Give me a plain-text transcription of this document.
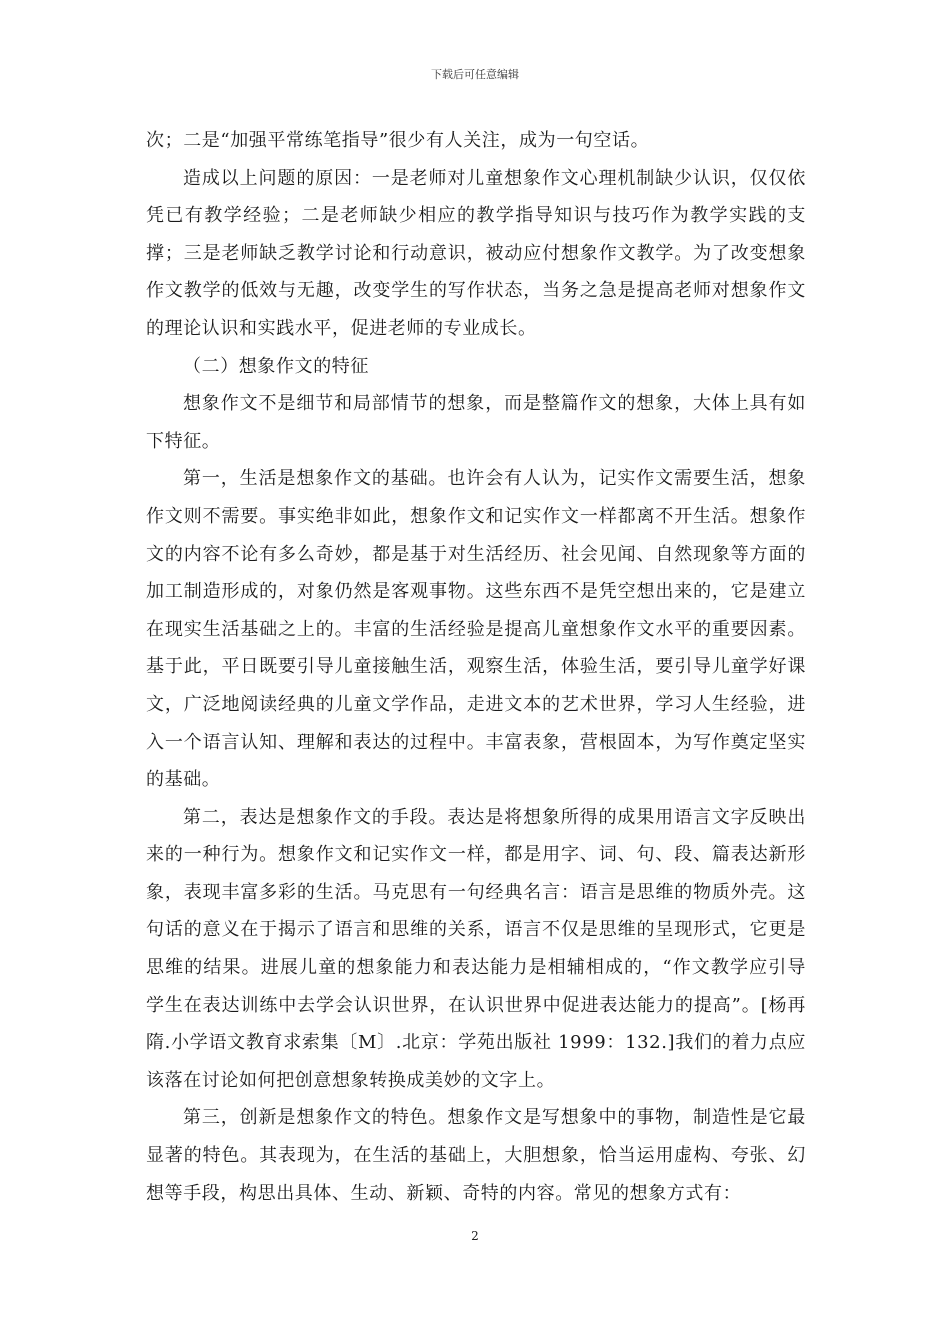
下载后可任意编辑

次；二是“加强平常练笔指导”很少有人关注，成为一句空话。

造成以上问题的原因：一是老师对儿童想象作文心理机制缺少认识，仅仅依凭已有教学经验；二是老师缺少相应的教学指导知识与技巧作为教学实践的支撑；三是老师缺乏教学讨论和行动意识，被动应付想象作文教学。为了改变想象作文教学的低效与无趣，改变学生的写作状态，当务之急是提高老师对想象作文的理论认识和实践水平，促进老师的专业成长。

（二）想象作文的特征

想象作文不是细节和局部情节的想象，而是整篇作文的想象，大体上具有如下特征。

第一，生活是想象作文的基础。也许会有人认为，记实作文需要生活，想象作文则不需要。事实绝非如此，想象作文和记实作文一样都离不开生活。想象作文的内容不论有多么奇妙，都是基于对生活经历、社会见闻、自然现象等方面的加工制造形成的，对象仍然是客观事物。这些东西不是凭空想出来的，它是建立在现实生活基础之上的。丰富的生活经验是提高儿童想象作文水平的重要因素。基于此，平日既要引导儿童接触生活，观察生活，体验生活，要引导儿童学好课文，广泛地阅读经典的儿童文学作品，走进文本的艺术世界，学习人生经验，进入一个语言认知、理解和表达的过程中。丰富表象，营根固本，为写作奠定坚实的基础。

第二，表达是想象作文的手段。表达是将想象所得的成果用语言文字反映出来的一种行为。想象作文和记实作文一样，都是用字、词、句、段、篇表达新形象，表现丰富多彩的生活。马克思有一句经典名言：语言是思维的物质外壳。这句话的意义在于揭示了语言和思维的关系，语言不仅是思维的呈现形式，它更是思维的结果。进展儿童的想象能力和表达能力是相辅相成的，“作文教学应引导学生在表达训练中去学会认识世界，在认识世界中促进表达能力的提高”。[杨再隋.小学语文教育求索集〔M〕.北京：学苑出版社 1999：132.]我们的着力点应该落在讨论如何把创意想象转换成美妙的文字上。

第三，创新是想象作文的特色。想象作文是写想象中的事物，制造性是它最显著的特色。其表现为，在生活的基础上，大胆想象，恰当运用虚构、夸张、幻想等手段，构思出具体、生动、新颖、奇特的内容。常见的想象方式有：

2
